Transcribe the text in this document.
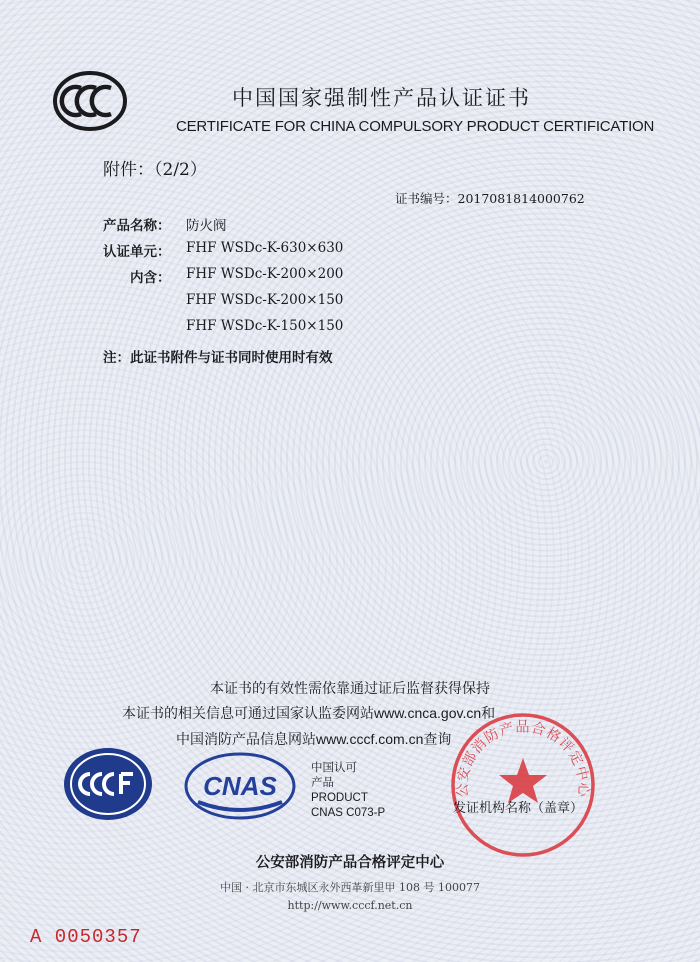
中国国家强制性产品认证证书
CERTIFICATE FOR CHINA COMPULSORY PRODUCT CERTIFICATION
附件：（2/2）
证书编号：2017081814000762
产品名称： 防火阀
认证单元： FHF WSDc-K-630×630
内含： FHF WSDc-K-200×200
FHF WSDc-K-200×150
FHF WSDc-K-150×150
注：此证书附件与证书同时使用时有效
本证书的有效性需依靠通过证后监督获得保持
本证书的相关信息可通过国家认监委网站www.cnca.gov.cn和
中国消防产品信息网站www.cccf.com.cn查询
CNAS
中国认可
产品
PRODUCT
CNAS C073-P
公安部消防产品合格评定中心
发证机构名称（盖章）
公安部消防产品合格评定中心
中国 · 北京市东城区永外西革新里甲 108 号 100077
http://www.cccf.net.cn
A 0050357
